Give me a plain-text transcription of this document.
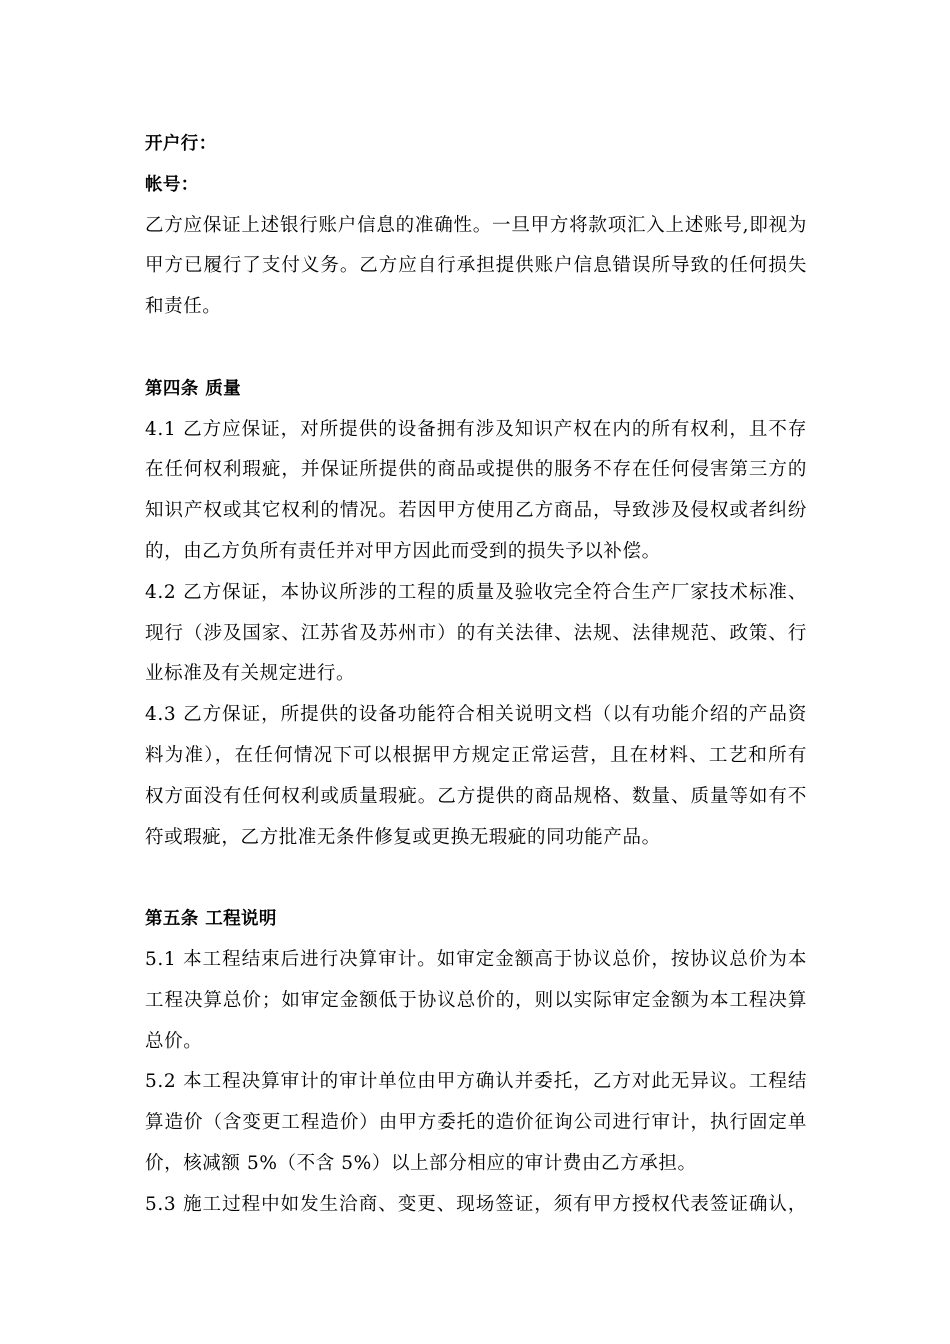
开户行：
帐号：
乙方应保证上述银行账户信息的准确性。一旦甲方将款项汇入上述账号,即视为
甲方已履行了支付义务。乙方应自行承担提供账户信息错误所导致的任何损失
和责任。
第四条 质量
4.1 乙方应保证，对所提供的设备拥有涉及知识产权在内的所有权利，且不存
在任何权利瑕疵，并保证所提供的商品或提供的服务不存在任何侵害第三方的
知识产权或其它权利的情况。若因甲方使用乙方商品，导致涉及侵权或者纠纷
的，由乙方负所有责任并对甲方因此而受到的损失予以补偿。
4.2 乙方保证，本协议所涉的工程的质量及验收完全符合生产厂家技术标准、
现行（涉及国家、江苏省及苏州市）的有关法律、法规、法律规范、政策、行
业标准及有关规定进行。
4.3 乙方保证，所提供的设备功能符合相关说明文档（以有功能介绍的产品资
料为准），在任何情况下可以根据甲方规定正常运营，且在材料、工艺和所有
权方面没有任何权利或质量瑕疵。乙方提供的商品规格、数量、质量等如有不
符或瑕疵，乙方批准无条件修复或更换无瑕疵的同功能产品。
第五条 工程说明
5.1 本工程结束后进行决算审计。如审定金额高于协议总价，按协议总价为本
工程决算总价；如审定金额低于协议总价的，则以实际审定金额为本工程决算
总价。
5.2 本工程决算审计的审计单位由甲方确认并委托，乙方对此无异议。工程结
算造价（含变更工程造价）由甲方委托的造价征询公司进行审计，执行固定单
价，核减额 5%（不含 5%）以上部分相应的审计费由乙方承担。
5.3 施工过程中如发生洽商、变更、现场签证，须有甲方授权代表签证确认，
